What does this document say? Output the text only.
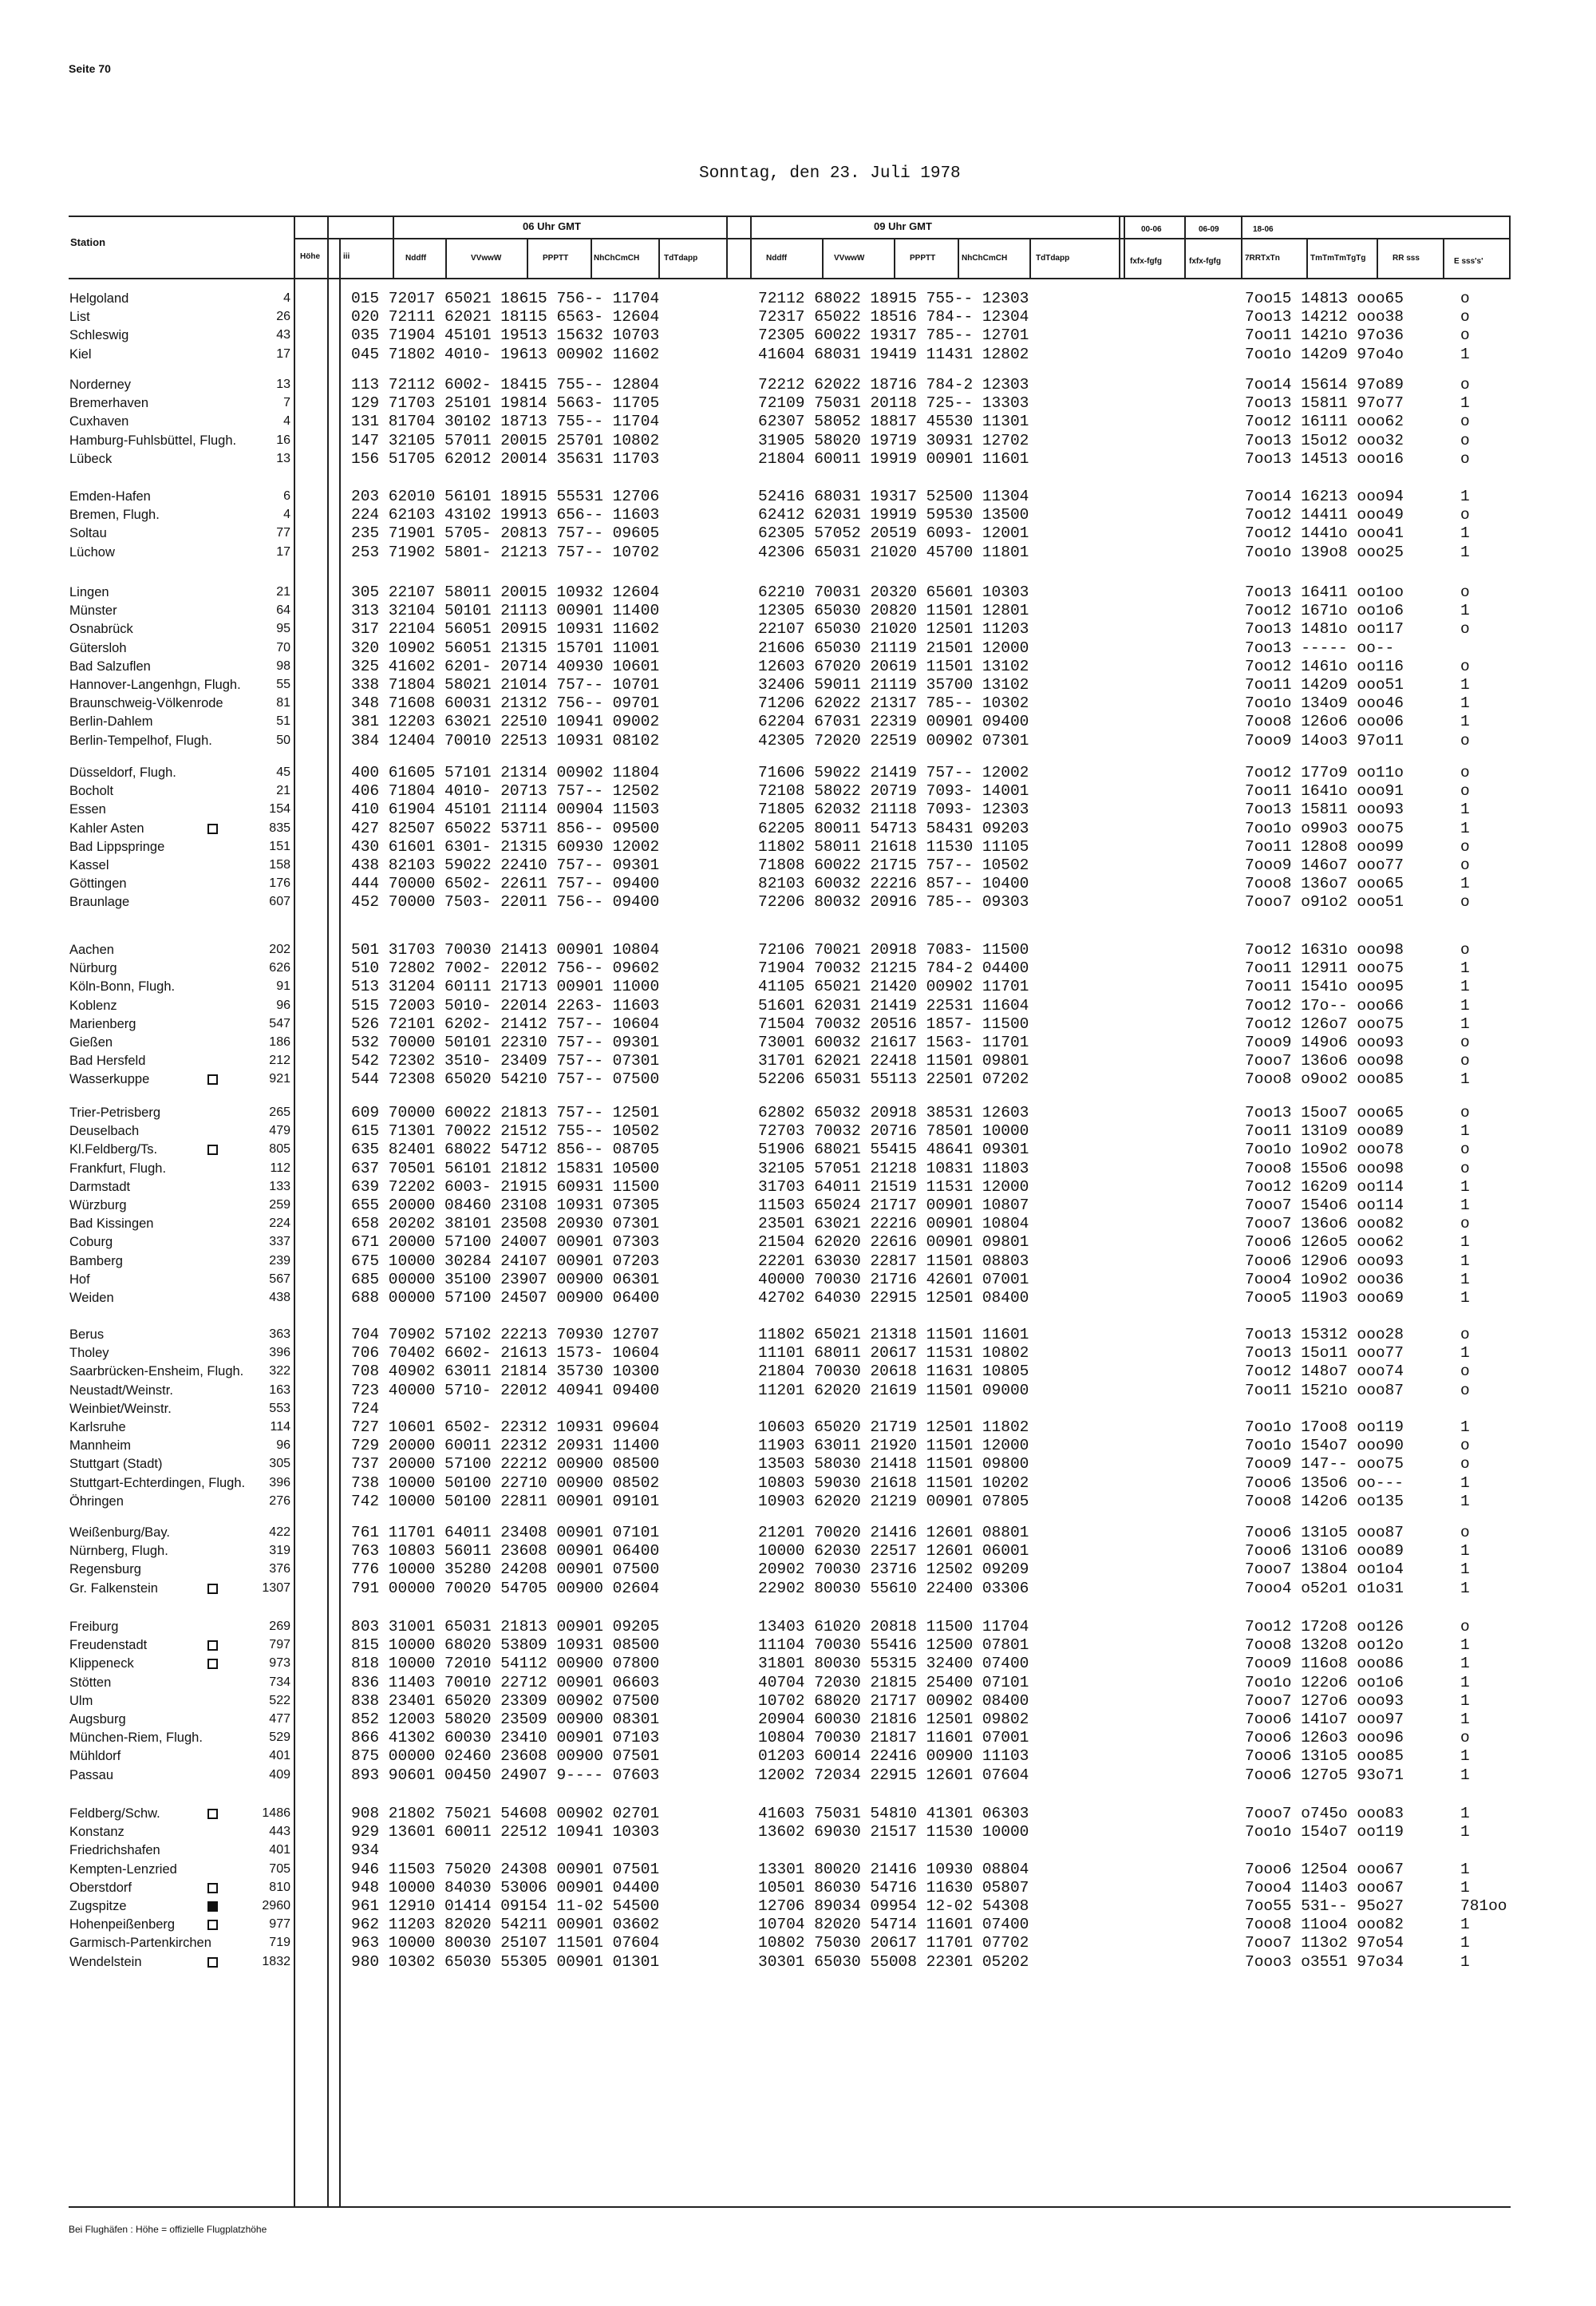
Seite 70
Sonntag, den 23. Juli 1978
Station
Höhe	iii
06 Uhr GMT	09 Uhr GMT
Nddff	VVwwW	PPPTT	NhChCmCH	TdTdapp	Nddff	VVwwW	PPPTT	NhChCmCH	TdTdapp
00-06	06-09	18-06
fxfx-fgfg	fxfx-fgfg	7RRTxTn	TmTmTmTgTg	RR sss	E sss's'
Helgoland	4	015 72017 65021 18615 756-- 11704	72112 68022 18915 755-- 12303	7oo15 1481З ooo65	o
List	26	020 72111 62021 18115 6563- 12604	72317 65022 18516 784-- 12304	7oo13 14212 ooo38	o
Schleswig	43	035 71904 45101 19513 15632 10703	72305 60022 19317 785-- 12701	7oo11 1421o 97o36	o
Kiel	17	045 71802 4010- 19613 00902 11602	41604 68031 19419 11431 12802	7oo1o 142o9 97o4o	1
Norderney	13	113 72112 6002- 18415 755-- 12804	72212 62022 18716 784-2 12303	7oo14 15614 97o89	o
Bremerhaven	7	129 71703 25101 19814 5663- 11705	72109 75031 20118 725-- 13303	7oo13 15811 97o77	1
Cuxhaven	4	131 81704 30102 18713 755-- 11704	62307 58052 18817 45530 11301	7oo12 16111 ooo62	o
Hamburg-Fuhlsbüttel, Flugh.	16	147 32105 57011 20015 25701 10802	31905 58020 19719 30931 12702	7oo13 15o12 ooo32	o
Lübeck	13	156 51705 62012 20014 35631 11703	21804 60011 19919 00901 11601	7oo13 14513 ooo16	o
Emden-Hafen	6	203 62010 56101 18915 55531 12706	52416 68031 19317 52500 11304	7oo14 16213 ooo94	1
Bremen, Flugh.	4	224 62103 43102 19913 656-- 11603	62412 62031 19919 59530 13500	7oo12 14411 ooo49	o
Soltau	77	235 71901 5705- 20813 757-- 09605	62305 57052 20519 6093- 12001	7oo12 1441o ooo41	1
Lüchow	17	253 71902 5801- 21213 757-- 10702	42306 65031 21020 45700 11801	7oo1o 139o8 ooo25	1
Lingen	21	305 22107 58011 20015 10932 12604	62210 70031 20320 65601 10303	7oo13 16411 oo1oo	o
Münster	64	313 32104 50101 21113 00901 11400	12305 65030 20820 11501 12801	7oo12 1671o oo1o6	1
Osnabrück	95	317 22104 56051 20915 10931 11602	22107 65030 21020 12501 11203	7oo13 1481o oo117	o
Gütersloh	70	320 10902 56051 21315 15701 11001	21606 65030 21119 21501 12000	7oo13 ----- oo--
Bad Salzuflen	98	325 41602 6201- 20714 40930 10601	12603 67020 20619 11501 13102	7oo12 1461o oo116	o
Hannover-Langenhgn, Flugh.	55	338 71804 58021 21014 757-- 10701	32406 59011 21119 35700 13102	7oo11 142o9 ooo51	1
Braunschweig-Völkenrode	81	348 71608 60031 21312 756-- 09701	71206 62022 21317 785-- 10302	7oo1o 134o9 ooo46	1
Berlin-Dahlem	51	381 12203 63021 22510 10941 09002	62204 67031 22319 00901 09400	7ooo8 126o6 ooo06	1
Berlin-Tempelhof, Flugh.	50	384 12404 70010 22513 10931 08102	42305 72020 22519 00902 07301	7ooo9 14oo3 97o11	o
Düsseldorf, Flugh.	45	400 61605 57101 21314 00902 11804	71606 59022 21419 757-- 12002	7oo12 177o9 oo11o	o
Bocholt	21	406 71804 4010- 20713 757-- 12502	72108 58022 20719 7093- 14001	7oo11 1641o ooo91	o
Essen	154	410 61904 45101 21114 00904 11503	71805 62032 21118 7093- 12303	7oo13 15811 ooo93	1
Kahler Asten	835	427 82507 65022 53711 856-- 09500	62205 80011 54713 58431 09203	7oo1o o99o3 ooo75	1
Bad Lippspringe	151	430 61601 6301- 21315 60930 12002	11802 58011 21618 11530 11105	7oo11 128o8 ooo99	o
Kassel	158	438 82103 59022 22410 757-- 09301	71808 60022 21715 757-- 10502	7ooo9 146o7 ooo77	o
Göttingen	176	444 70000 6502- 22611 757-- 09400	82103 60032 22216 857-- 10400	7ooo8 136o7 ooo65	1
Braunlage	607	452 70000 7503- 22011 756-- 09400	72206 80032 20916 785-- 09303	7ooo7 o91o2 ooo51	o
Aachen	202	501 31703 70030 21413 00901 10804	72106 70021 20918 7083- 11500	7oo12 1631o ooo98	o
Nürburg	626	510 72802 7002- 22012 756-- 09602	71904 70032 21215 784-2 04400	7oo11 12911 ooo75	1
Köln-Bonn, Flugh.	91	513 31204 60111 21713 00901 11000	41105 65021 21420 00902 11701	7oo11 1541o ooo95	1
Koblenz	96	515 72003 5010- 22014 2263- 11603	51601 62031 21419 22531 11604	7oo12 17o-- ooo66	1
Marienberg	547	526 72101 6202- 21412 757-- 10604	71504 70032 20516 1857- 11500	7oo12 126o7 ooo75	1
Gießen	186	532 70000 50101 22310 757-- 09301	73001 60032 21617 1563- 11701	7ooo9 149o6 ooo93	o
Bad Hersfeld	212	542 72302 3510- 23409 757-- 07301	31701 62021 22418 11501 09801	7ooo7 136o6 ooo98	o
Wasserkuppe	921	544 72308 65020 54210 757-- 07500	52206 65031 55113 22501 07202	7ooo8 o9oo2 ooo85	1
Trier-Petrisberg	265	609 70000 60022 21813 757-- 12501	62802 65032 20918 38531 12603	7oo13 15oo7 ooo65	o
Deuselbach	479	615 71301 70022 21512 755-- 10502	72703 70032 20716 78501 10000	7oo11 131o9 ooo89	1
Kl.Feldberg/Ts.	805	635 82401 68022 54712 856-- 08705	51906 68021 55415 48641 09301	7oo1o 1o9o2 ooo78	o
Frankfurt, Flugh.	112	637 70501 56101 21812 15831 10500	32105 57051 21218 10831 11803	7ooo8 155o6 ooo98	o
Darmstadt	133	639 72202 6003- 21915 60931 11500	31703 64011 21519 11531 12000	7oo12 162o9 oo114	1
Würzburg	259	655 20000 08460 23108 10931 07305	11503 65024 21717 00901 10807	7ooo7 154o6 oo114	1
Bad Kissingen	224	658 20202 38101 23508 20930 07301	23501 63021 22216 00901 10804	7ooo7 136o6 ooo82	o
Coburg	337	671 20000 57100 24007 00901 07303	21504 62020 22616 00901 09801	7ooo6 126o5 ooo62	1
Bamberg	239	675 10000 30284 24107 00901 07203	22201 63030 22817 11501 08803	7ooo6 129o6 ooo93	1
Hof	567	685 00000 35100 23907 00900 06301	40000 70030 21716 42601 07001	7ooo4 1o9o2 ooo36	1
Weiden	438	688 00000 57100 24507 00900 06400	42702 64030 22915 12501 08400	7ooo5 119o3 ooo69	1
Berus	363	704 70902 57102 22213 70930 12707	11802 65021 21318 11501 11601	7oo13 15312 ooo28	o
Tholey	396	706 70402 6602- 21613 1573- 10604	11101 68011 20617 11531 10802	7oo13 15o11 ooo77	1
Saarbrücken-Ensheim, Flugh.	322	708 40902 63011 21814 35730 10300	21804 70030 20618 11631 10805	7oo12 148o7 ooo74	o
Neustadt/Weinstr.	163	723 40000 5710- 22012 40941 09400	11201 62020 21619 11501 09000	7oo11 1521o ooo87	o
Weinbiet/Weinstr.	553	724
Karlsruhe	114	727 10601 6502- 22312 10931 09604	10603 65020 21719 12501 11802	7oo1o 17oo8 oo119	1
Mannheim	96	729 20000 60011 22312 20931 11400	11903 63011 21920 11501 12000	7oo1o 154o7 ooo90	o
Stuttgart (Stadt)	305	737 20000 57100 22212 00900 08500	13503 58030 21418 11501 09800	7ooo9 147-- ooo75	o
Stuttgart-Echterdingen, Flugh.	396	738 10000 50100 22710 00900 08502	10803 59030 21618 11501 10202	7ooo6 135o6 oo---	1
Öhringen	276	742 10000 50100 22811 00901 09101	10903 62020 21219 00901 07805	7ooo8 142o6 oo135	1
Weißenburg/Bay.	422	761 11701 64011 23408 00901 07101	21201 70020 21416 12601 08801	7ooo6 131o5 ooo87	o
Nürnberg, Flugh.	319	763 10803 56011 23608 00901 06400	10000 62030 22517 12601 06001	7ooo6 131o6 ooo89	1
Regensburg	376	776 10000 35280 24208 00901 07500	20902 70030 23716 12502 09209	7ooo7 138o4 oo1o4	1
Gr. Falkenstein	1307	791 00000 70020 54705 00900 02604	22902 80030 55610 22400 03306	7ooo4 o52o1 o1o31	1
Freiburg	269	803 31001 65031 21813 00901 09205	13403 61020 20818 11500 11704	7oo12 172o8 oo126	o
Freudenstadt	797	815 10000 68020 53809 10931 08500	11104 70030 55416 12500 07801	7ooo8 132o8 oo12o	1
Klippeneck	973	818 10000 72010 54112 00900 07800	31801 80030 55315 32400 07400	7ooo9 116o8 ooo86	1
Stötten	734	836 11403 70010 22712 00901 06603	40704 72030 21815 25400 07101	7oo1o 122o6 oo1o6	1
Ulm	522	838 23401 65020 23309 00902 07500	10702 68020 21717 00902 08400	7ooo7 127o6 ooo93	1
Augsburg	477	852 12003 58020 23509 00900 08301	20904 60030 21816 12501 09802	7ooo6 141o7 ooo97	1
München-Riem, Flugh.	529	866 41302 60030 23410 00901 07103	10804 70030 21817 11601 07001	7ooo6 126o3 ooo96	o
Mühldorf	401	875 00000 02460 23608 00900 07501	01203 60014 22416 00900 11103	7ooo6 131o5 ooo85	1
Passau	409	893 90601 00450 24907 9---- 07603	12002 72034 22915 12601 07604	7ooo6 127o5 93o71	1
Feldberg/Schw.	1486	908 21802 75021 54608 00902 02701	41603 75031 54810 41301 06303	7ooo7 o745o ooo83	1
Konstanz	443	929 13601 60011 22512 10941 10303	13602 69030 21517 11530 10000	7oo1o 154o7 oo119	1
Friedrichshafen	401	934
Kempten-Lenzried	705	946 11503 75020 24308 00901 07501	13301 80020 21416 10930 08804	7ooo6 125o4 ooo67	1
Oberstdorf	810	948 10000 84030 53006 00901 04400	10501 86030 54716 11630 05807	7ooo4 114o3 ooo67	1
Zugspitze	2960	961 12910 01414 09154 11-02 54500	12706 89034 09954 12-02 54308	7oo55 531-- 95o27	781oo
Hohenpeißenberg	977	962 11203 82020 54211 00901 03602	10704 82020 54714 11601 07400	7ooo8 11oo4 ooo82	1
Garmisch-Partenkirchen	719	963 10000 80030 25107 11501 07604	10802 75030 20617 11701 07702	7ooo7 113o2 97o54	1
Wendelstein	1832	980 10302 65030 55305 00901 01301	30301 65030 55008 22301 05202	7ooo3 o3551 97o34	1
Bei Flughäfen : Höhe = offizielle Flugplatzhöhe
